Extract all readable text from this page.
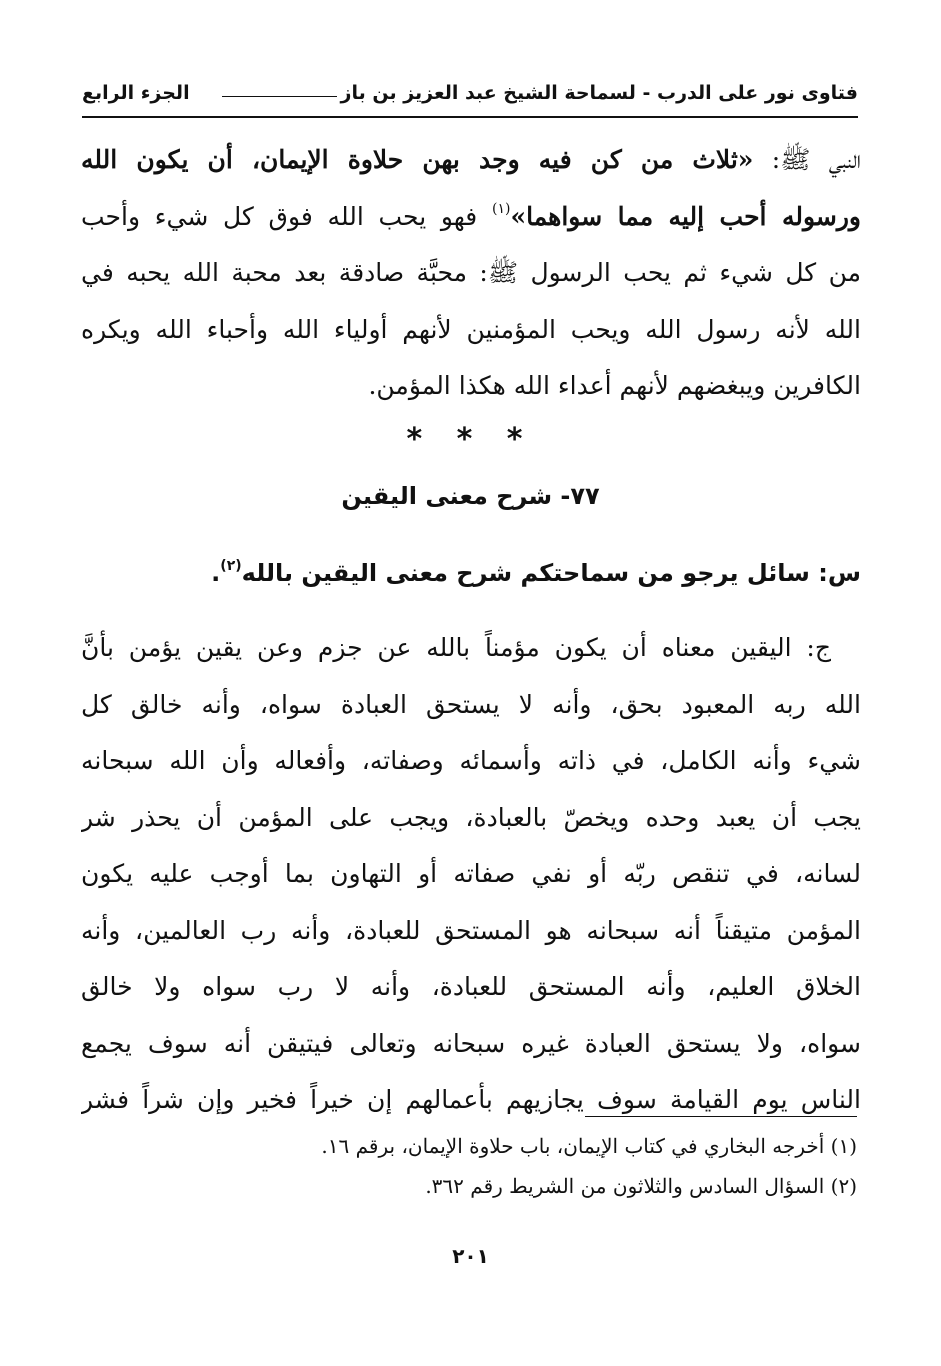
فتاوى نور على الدرب - لسماحة الشيخ عبد العزيز بن باز
الجزء الرابع
النبي ﷺ: «ثلاث من كن فيه وجد بهن حلاوة الإيمان، أن يكون الله
ورسوله أحب إليه مما سواهما»$^{(١)}$ فهو يحب الله فوق كل شيء وأحب
من كل شيء ثم يحب الرسول ﷺ: محبَّة صادقة بعد محبة الله يحبه في
الله لأنه رسول الله ويحب المؤمنين لأنهم أولياء الله وأحباء الله ويكره
الكافرين ويبغضهم لأنهم أعداء الله هكذا المؤمن.
* * *
٧٧- شرح معنى اليقين
س: سائل يرجو من سماحتكم شرح معنى اليقين بالله$^{(٢)}$.
ج: اليقين معناه أن يكون مؤمناً بالله عن جزم وعن يقين يؤمن بأنَّ
الله ربه المعبود بحق، وأنه لا يستحق العبادة سواه، وأنه خالق كل
شيء وأنه الكامل، في ذاته وأسمائه وصفاته، وأفعاله وأن الله سبحانه
يجب أن يعبد وحده ويخصّ بالعبادة، ويجب على المؤمن أن يحذر شر
لسانه، في تنقص ربّه أو نفي صفاته أو التهاون بما أوجب عليه يكون
المؤمن متيقناً أنه سبحانه هو المستحق للعبادة، وأنه رب العالمين، وأنه
الخلاق العليم، وأنه المستحق للعبادة، وأنه لا رب سواه ولا خالق
سواه، ولا يستحق العبادة غيره سبحانه وتعالى فيتيقن أنه سوف يجمع
الناس يوم القيامة سوف يجازيهم بأعمالهم إن خيراً فخير وإن شراً فشر
(١) أخرجه البخاري في كتاب الإيمان، باب حلاوة الإيمان، برقم ١٦.
(٢) السؤال السادس والثلاثون من الشريط رقم ٣٦٢.
٢٠١
